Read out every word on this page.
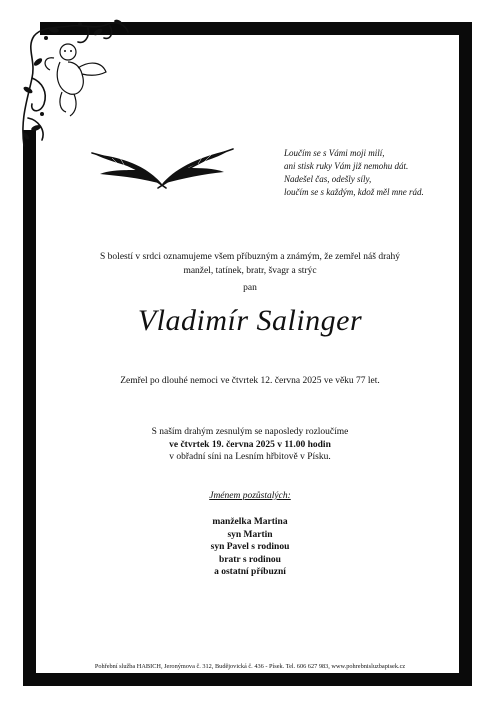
Loučím se s Vámi moji milí,
ani stisk ruky Vám již nemohu dát.
Nadešel čas, odešly síly,
loučím se s každým, kdož měl mne rád.
S bolestí v srdci oznamujeme všem příbuzným a známým, že zemřel náš drahý
manžel, tatínek, bratr, švagr a strýc
pan
Vladimír Salinger
Zemřel po dlouhé nemoci ve čtvrtek 12. června 2025 ve věku 77 let.
S naším drahým zesnulým se naposledy rozloučíme
ve čtvrtek 19. června 2025 v 11.00 hodin
v obřadní síni na Lesním hřbitově v Písku.
Jménem pozůstalých:
manželka Martina
syn Martin
syn Pavel s rodinou
bratr s rodinou
a ostatní příbuzní
Pohřební služba HABICH, Jeronýmova č. 312, Budějovická č. 436 - Písek. Tel. 606 627 983, www.pohrebnisluzbapisek.cz
